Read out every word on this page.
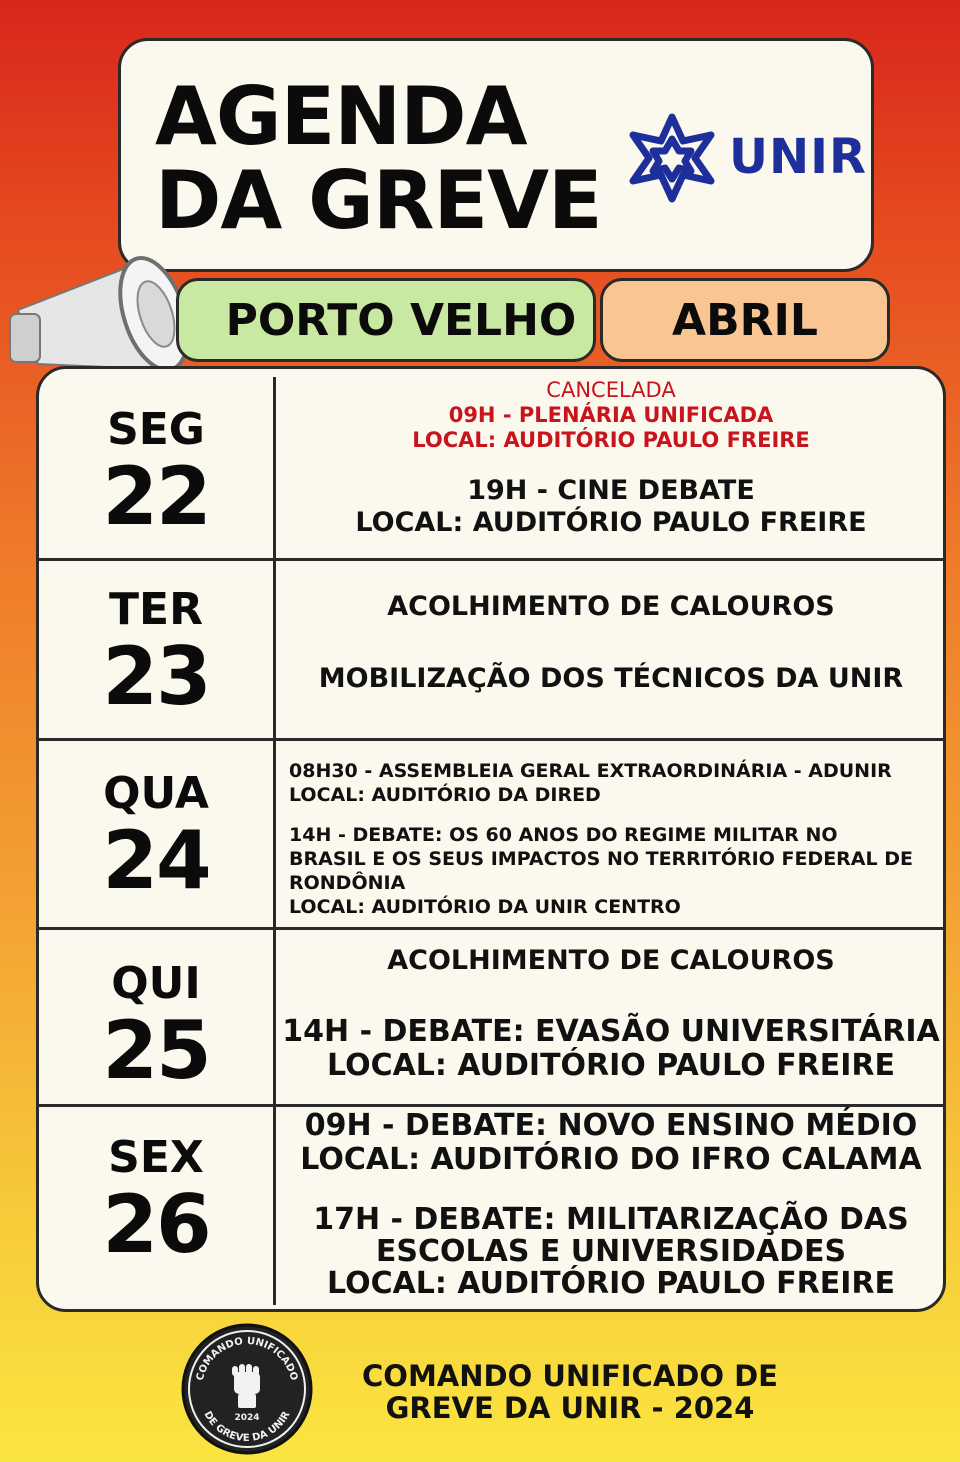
AGENDA
DA GREVE	UNIR
PORTO VELHO	ABRIL
SEG
22
CANCELADA
09H - PLENÁRIA UNIFICADA
LOCAL: AUDITÓRIO PAULO FREIRE
19H - CINE DEBATE
LOCAL: AUDITÓRIO PAULO FREIRE
TER
23
ACOLHIMENTO DE CALOUROS
MOBILIZAÇÃO DOS TÉCNICOS DA UNIR
QUA
24
08H30 - ASSEMBLEIA GERAL EXTRAORDINÁRIA - ADUNIR
LOCAL: AUDITÓRIO DA DIRED
14H - DEBATE: OS 60 ANOS DO REGIME MILITAR NO BRASIL E OS SEUS IMPACTOS NO TERRITÓRIO FEDERAL DE RONDÔNIA
LOCAL: AUDITÓRIO DA UNIR CENTRO
QUI
25
ACOLHIMENTO DE CALOUROS
14H - DEBATE: EVASÃO UNIVERSITÁRIA
LOCAL: AUDITÓRIO PAULO FREIRE
SEX
26
09H - DEBATE: NOVO ENSINO MÉDIO
LOCAL: AUDITÓRIO DO IFRO CALAMA
17H - DEBATE: MILITARIZAÇÃO DAS
ESCOLAS E UNIVERSIDADES
LOCAL: AUDITÓRIO PAULO FREIRE
COMANDO UNIFICADO
DE GREVE DA UNIR
2024
COMANDO UNIFICADO DE
GREVE DA UNIR - 2024
